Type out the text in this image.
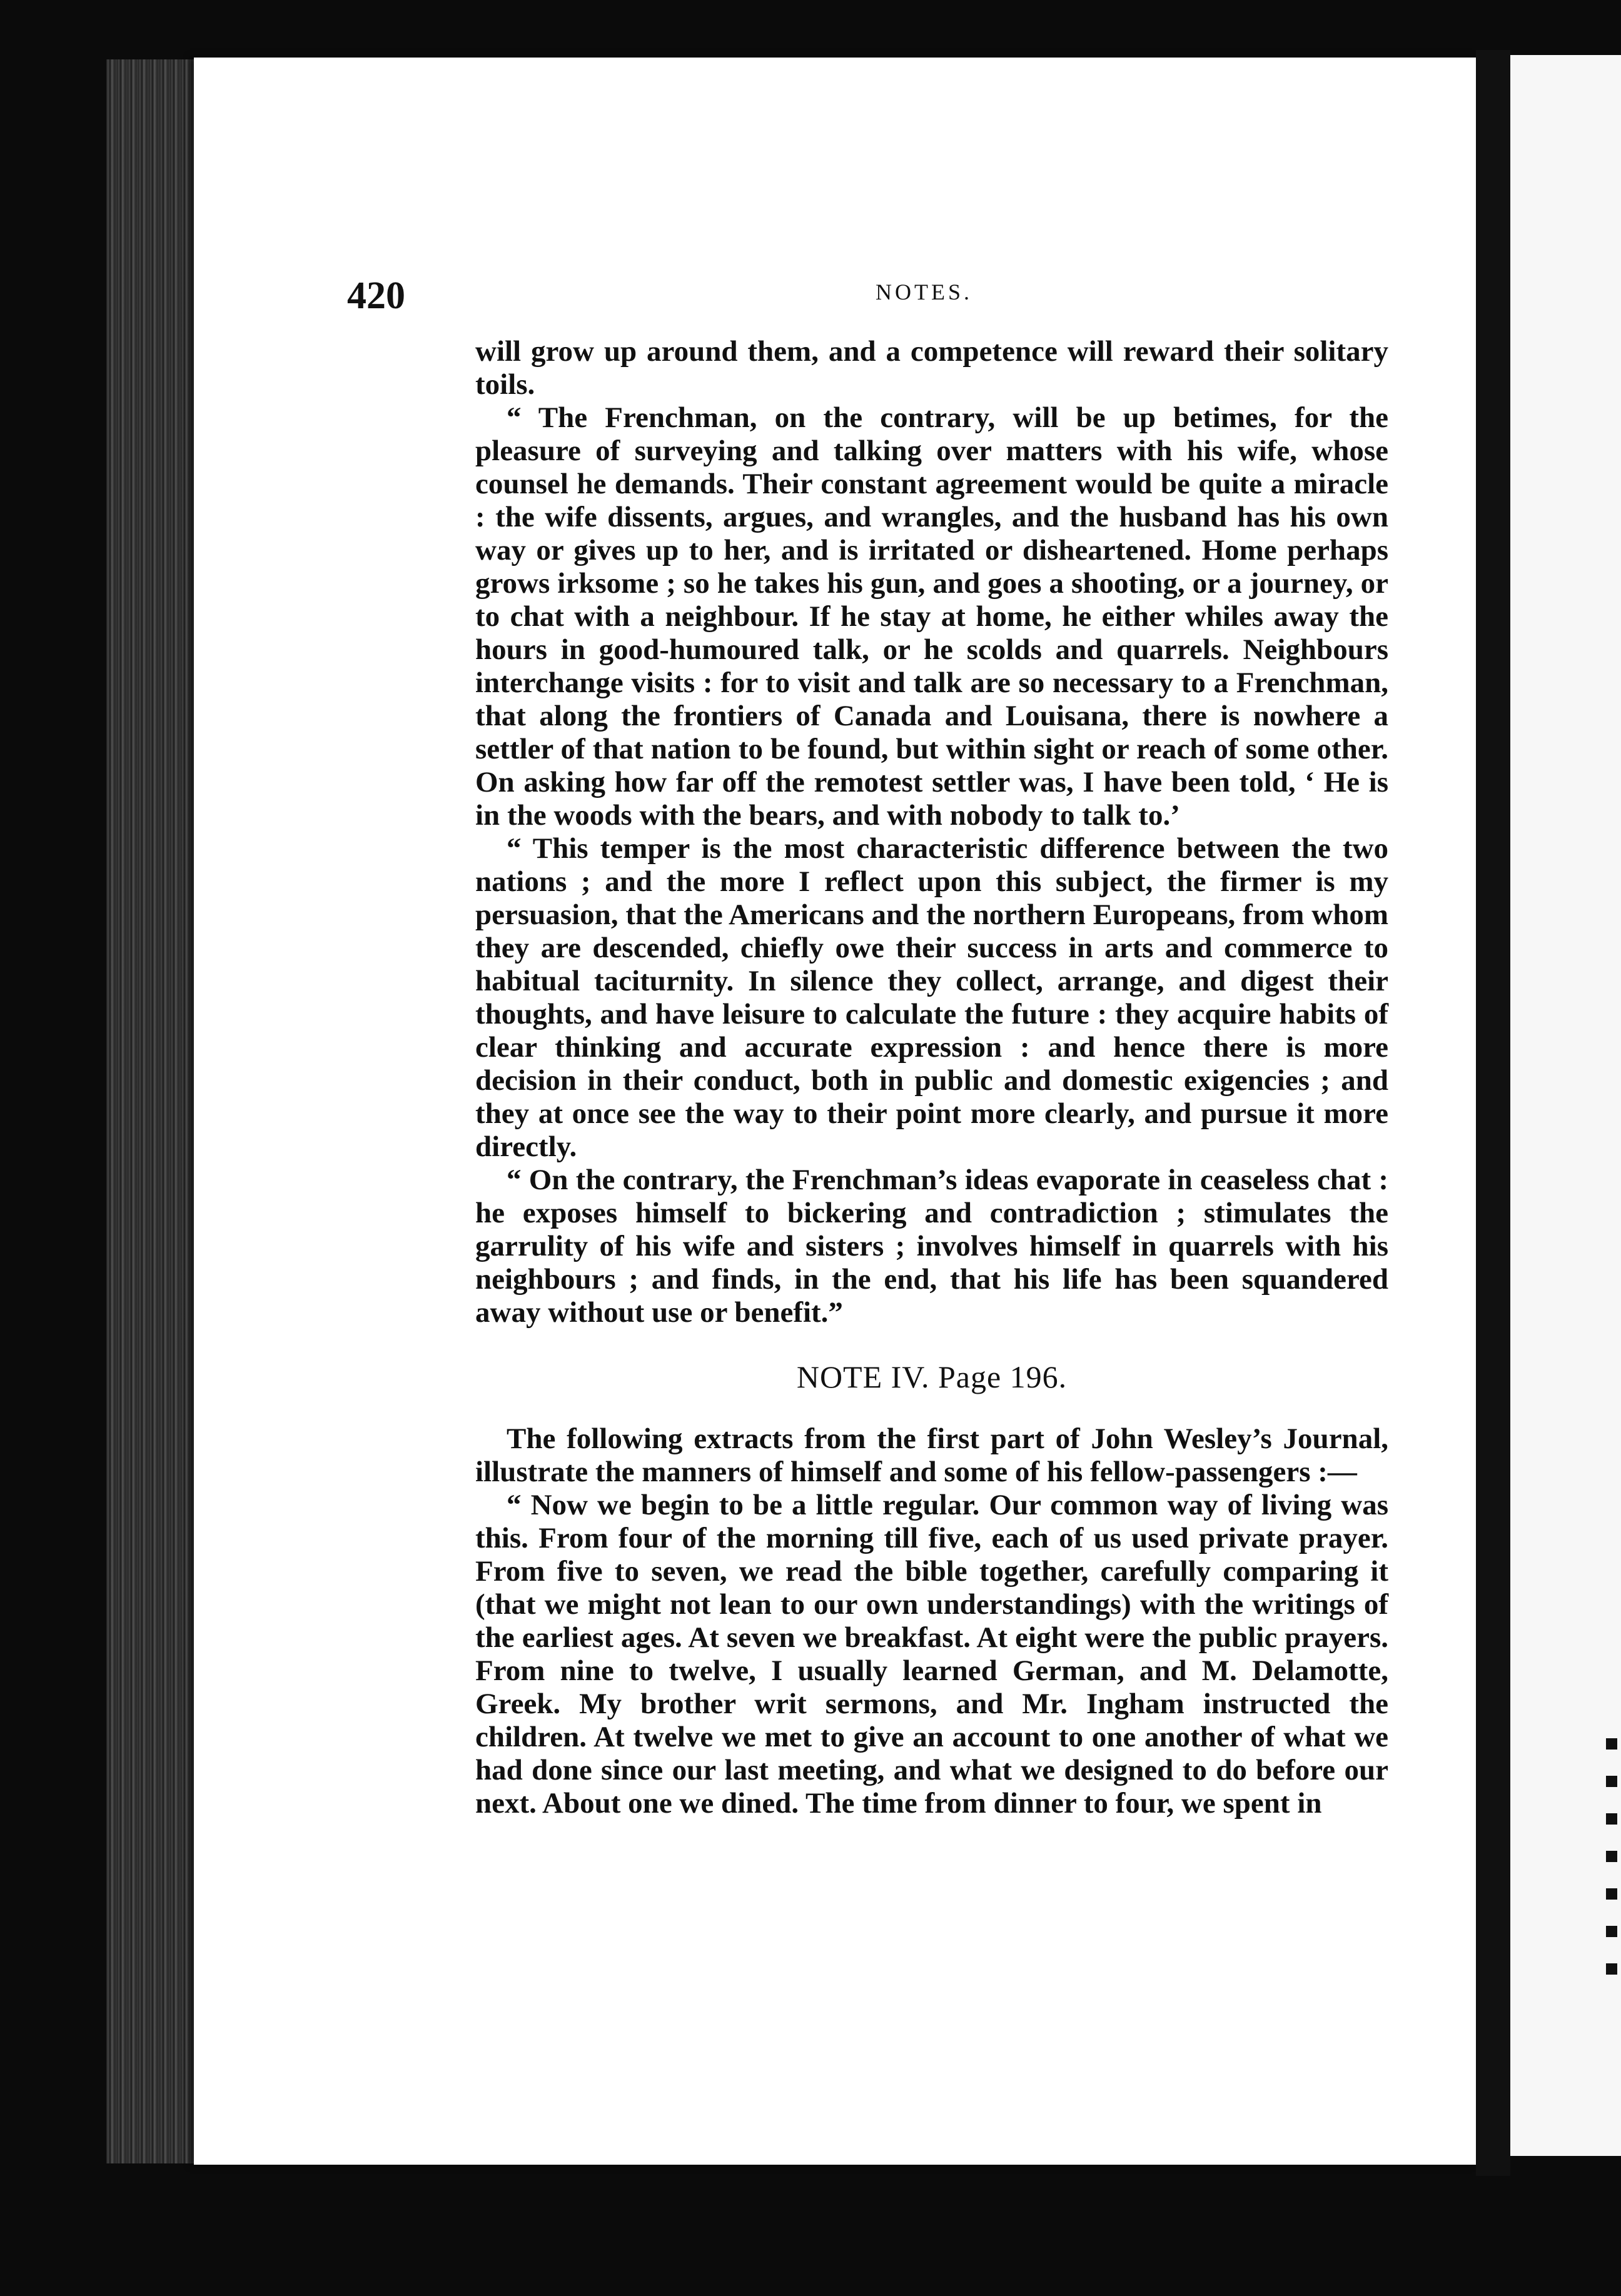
420	NOTES.

will grow up around them, and a competence will reward their solitary toils.

“ The Frenchman, on the contrary, will be up betimes, for the pleasure of surveying and talking over matters with his wife, whose counsel he demands. Their constant agreement would be quite a miracle : the wife dissents, argues, and wrangles, and the husband has his own way or gives up to her, and is irritated or disheartened. Home perhaps grows irksome ; so he takes his gun, and goes a shooting, or a journey, or to chat with a neighbour. If he stay at home, he either whiles away the hours in good-humoured talk, or he scolds and quarrels. Neighbours interchange visits : for to visit and talk are so necessary to a Frenchman, that along the frontiers of Canada and Louisana, there is nowhere a settler of that nation to be found, but within sight or reach of some other. On asking how far off the remotest settler was, I have been told, ‘ He is in the woods with the bears, and with nobody to talk to.’

“ This temper is the most characteristic difference between the two nations ; and the more I reflect upon this subject, the firmer is my persuasion, that the Americans and the northern Europeans, from whom they are descended, chiefly owe their success in arts and commerce to habitual taciturnity. In silence they collect, arrange, and digest their thoughts, and have leisure to calculate the future : they acquire habits of clear thinking and accurate expression : and hence there is more decision in their conduct, both in public and domestic exigencies ; and they at once see the way to their point more clearly, and pursue it more directly.

“ On the contrary, the Frenchman’s ideas evaporate in ceaseless chat : he exposes himself to bickering and contradiction ; stimulates the garrulity of his wife and sisters ; involves himself in quarrels with his neighbours ; and finds, in the end, that his life has been squandered away without use or benefit.”

NOTE IV. Page 196.

The following extracts from the first part of John Wesley’s Journal, illustrate the manners of himself and some of his fellow-passengers :—

“ Now we begin to be a little regular. Our common way of living was this. From four of the morning till five, each of us used private prayer. From five to seven, we read the bible together, carefully comparing it (that we might not lean to our own understandings) with the writings of the earliest ages. At seven we breakfast. At eight were the public prayers. From nine to twelve, I usually learned German, and M. Delamotte, Greek. My brother writ sermons, and Mr. Ingham instructed the children. At twelve we met to give an account to one another of what we had done since our last meeting, and what we designed to do before our next. About one we dined. The time from dinner to four, we spent in
